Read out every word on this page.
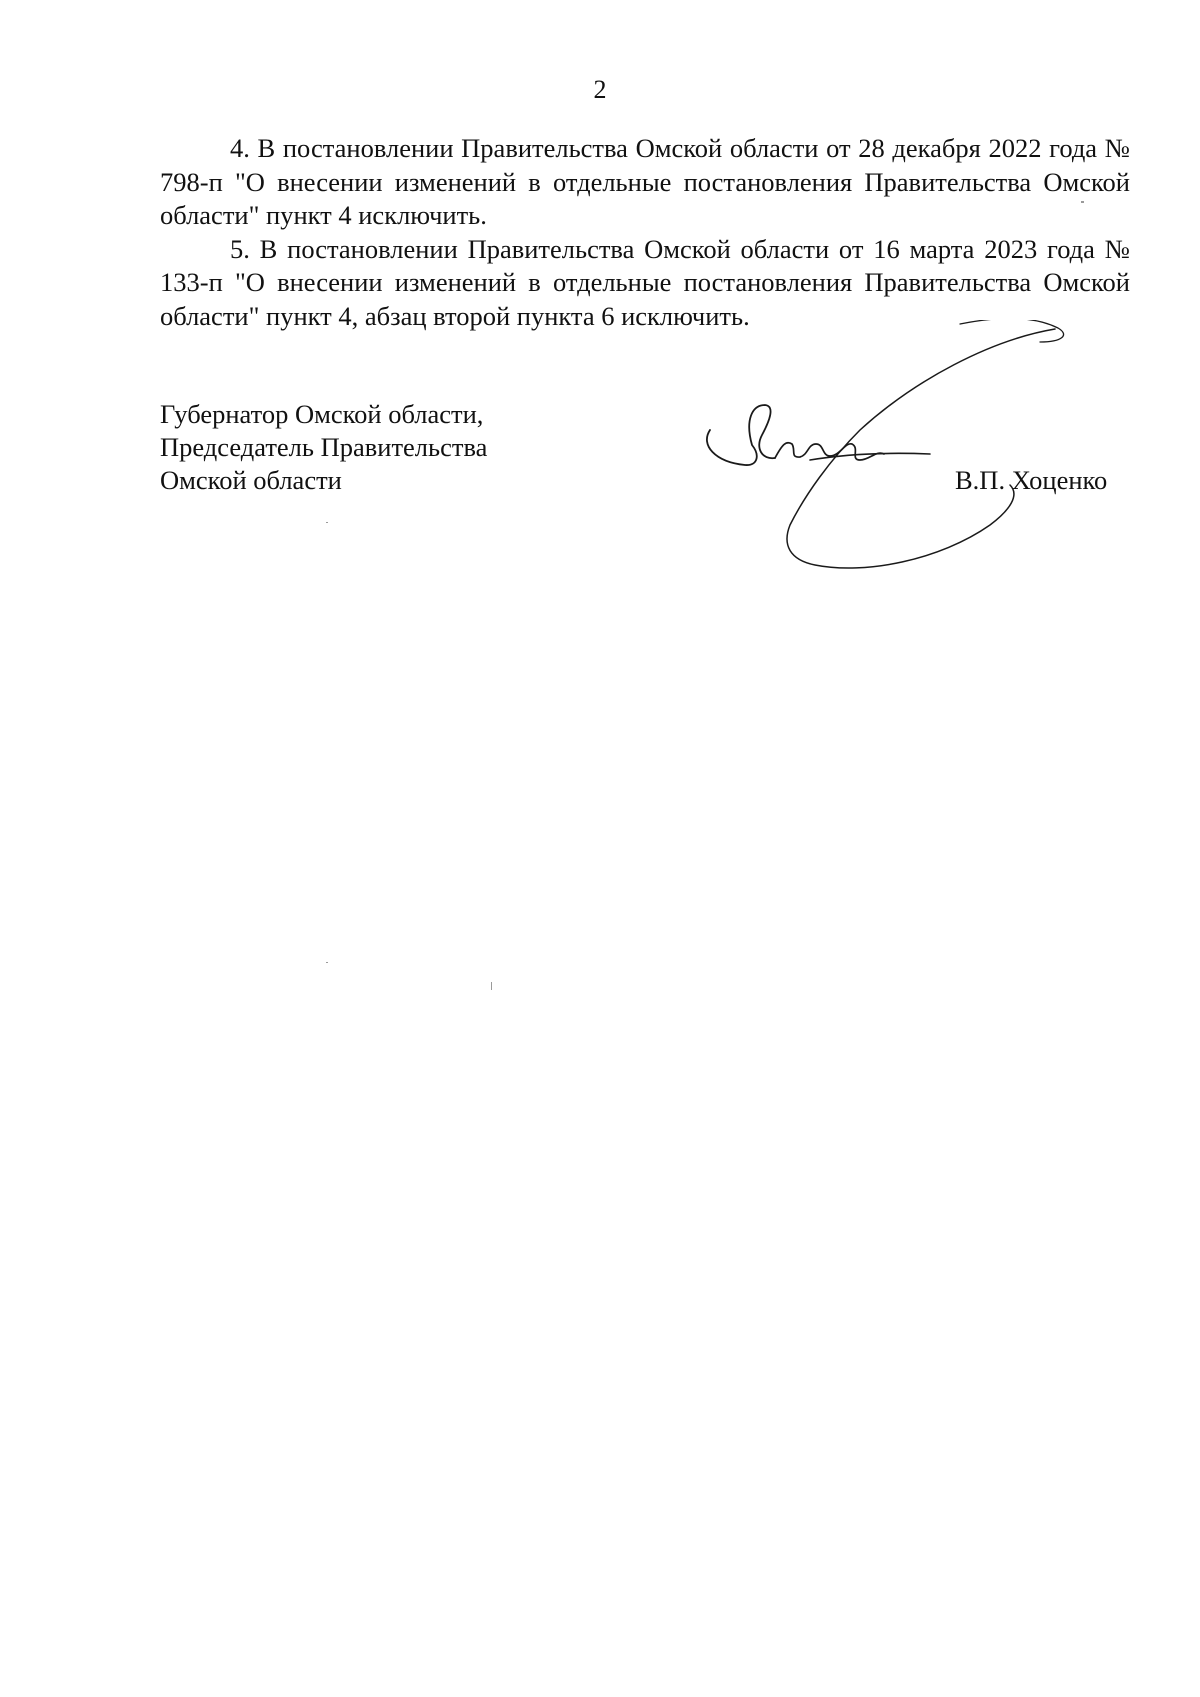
2

4. В постановлении Правительства Омской области от 28 декабря 2022 года № 798-п "О внесении изменений в отдельные постановления Правительства Омской области" пункт 4 исключить.

5. В постановлении Правительства Омской области от 16 марта 2023 года № 133-п "О внесении изменений в отдельные постановления Правительства Омской области" пункт 4, абзац второй пункта 6 исключить.

Губернатор Омской области,
Председатель Правительства
Омской области	В.П. Хоценко
